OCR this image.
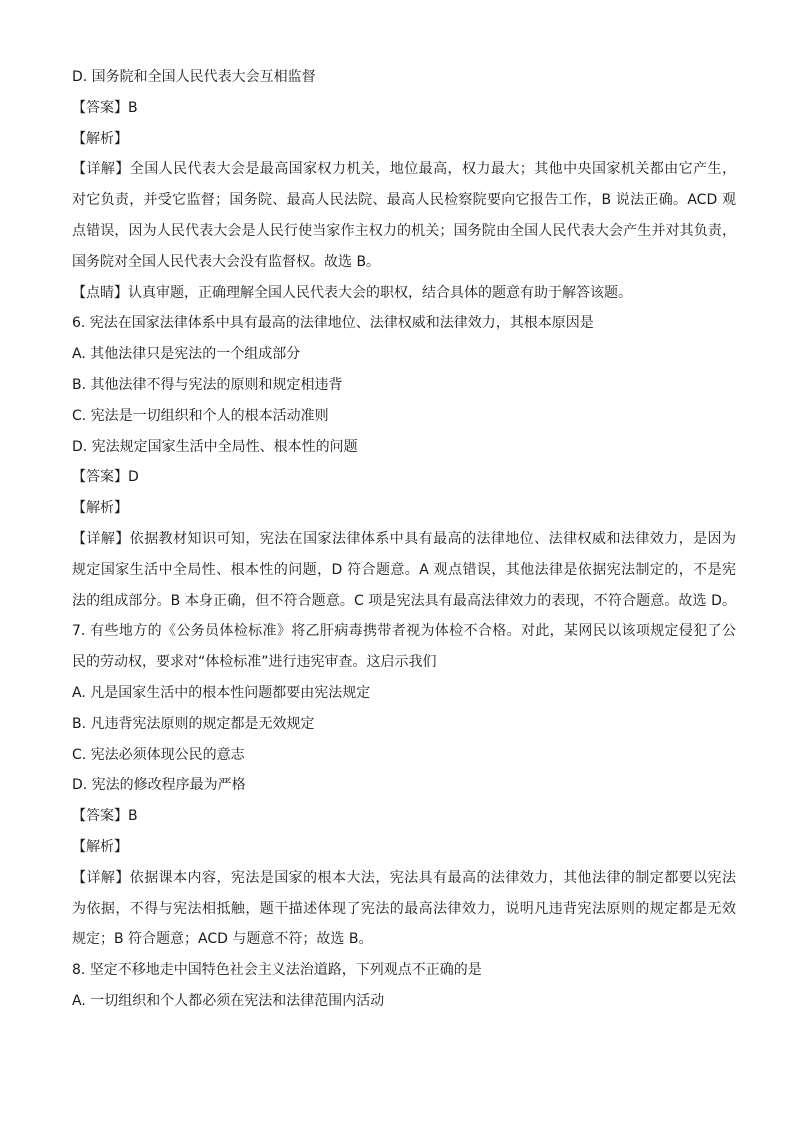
D. 国务院和全国人民代表大会互相监督
【答案】B
【解析】
【详解】全国人民代表大会是最高国家权力机关，地位最高，权力最大；其他中央国家机关都由它产生，
对它负责，并受它监督；国务院、最高人民法院、最高人民检察院要向它报告工作，B 说法正确。ACD 观
点错误，因为人民代表大会是人民行使当家作主权力的机关；国务院由全国人民代表大会产生并对其负责，
国务院对全国人民代表大会没有监督权。故选 B。
【点睛】认真审题，正确理解全国人民代表大会的职权，结合具体的题意有助于解答该题。
6. 宪法在国家法律体系中具有最高的法律地位、法律权威和法律效力，其根本原因是
A. 其他法律只是宪法的一个组成部分
B. 其他法律不得与宪法的原则和规定相违背
C. 宪法是一切组织和个人的根本活动准则
D. 宪法规定国家生活中全局性、根本性的问题
【答案】D
【解析】
【详解】依据教材知识可知，宪法在国家法律体系中具有最高的法律地位、法律权威和法律效力，是因为
规定国家生活中全局性、根本性的问题，D 符合题意。A 观点错误，其他法律是依据宪法制定的，不是宪
法的组成部分。B 本身正确，但不符合题意。C 项是宪法具有最高法律效力的表现，不符合题意。故选 D。
7. 有些地方的《公务员体检标准》将乙肝病毒携带者视为体检不合格。对此，某网民以该项规定侵犯了公
民的劳动权，要求对“体检标准”进行违宪审查。这启示我们
A. 凡是国家生活中的根本性问题都要由宪法规定
B. 凡违背宪法原则的规定都是无效规定
C. 宪法必须体现公民的意志
D. 宪法的修改程序最为严格
【答案】B
【解析】
【详解】依据课本内容，宪法是国家的根本大法，宪法具有最高的法律效力，其他法律的制定都要以宪法
为依据，不得与宪法相抵触，题干描述体现了宪法的最高法律效力，说明凡违背宪法原则的规定都是无效
规定；B 符合题意；ACD 与题意不符；故选 B。
8. 坚定不移地走中国特色社会主义法治道路，下列观点不正确的是
A. 一切组织和个人都必须在宪法和法律范围内活动
